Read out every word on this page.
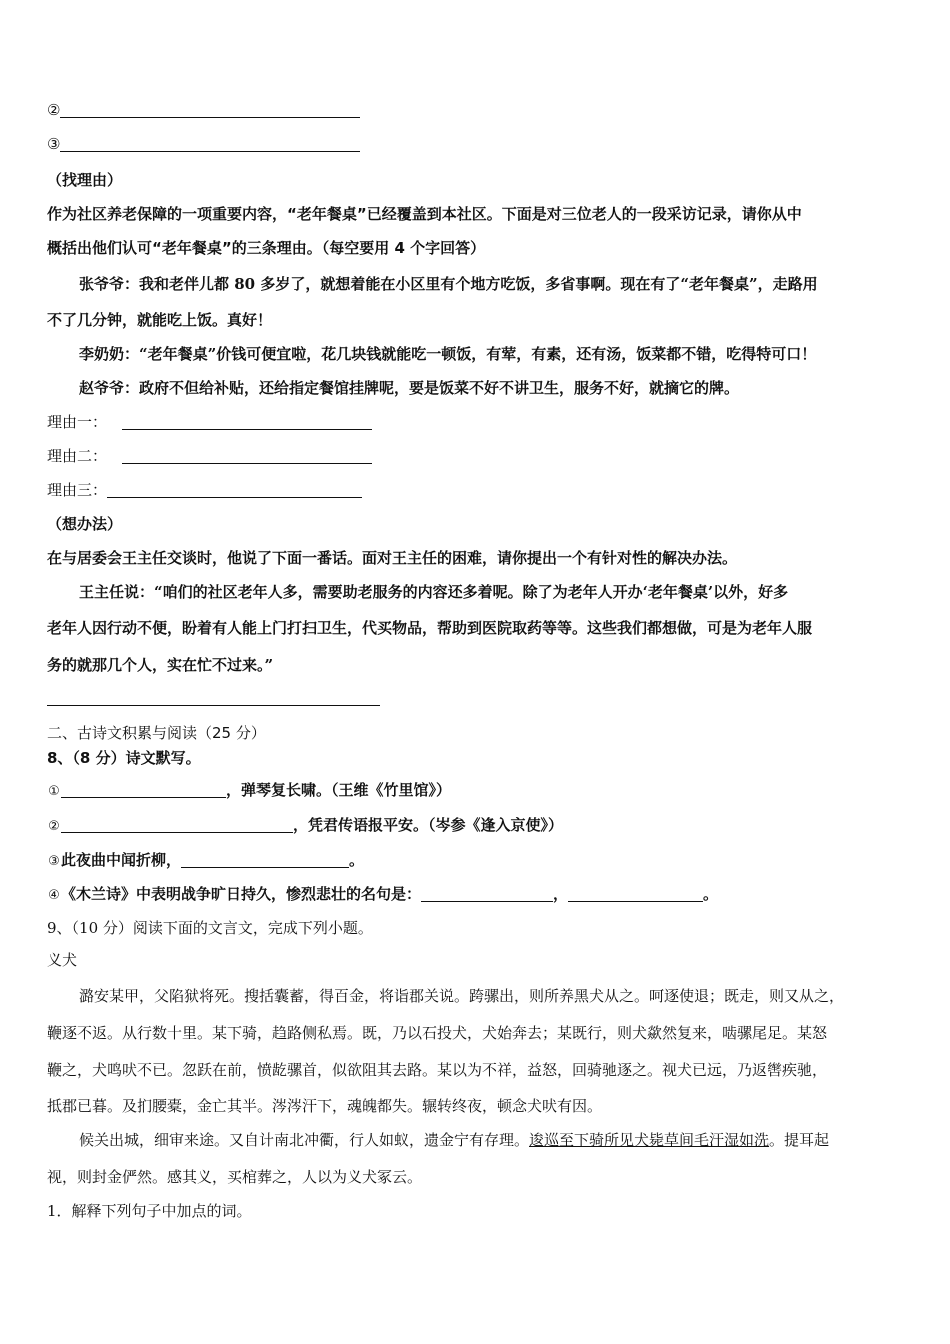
②
③
（找理由）
作为社区养老保障的一项重要内容，“老年餐桌”已经覆盖到本社区。下面是对三位老人的一段采访记录，请你从中
概括出他们认可“老年餐桌”的三条理由。（每空要用 4 个字回答）
张爷爷：我和老伴儿都 80 多岁了，就想着能在小区里有个地方吃饭，多省事啊。现在有了“老年餐桌”，走路用
不了几分钟，就能吃上饭。真好！
李奶奶：“老年餐桌”价钱可便宜啦，花几块钱就能吃一顿饭，有荤，有素，还有汤，饭菜都不错，吃得特可口！
赵爷爷：政府不但给补贴，还给指定餐馆挂牌呢，要是饭菜不好不讲卫生，服务不好，就摘它的牌。
理由一：
理由二：
理由三：
（想办法）
在与居委会王主任交谈时，他说了下面一番话。面对王主任的困难，请你提出一个有针对性的解决办法。
王主任说：“咱们的社区老年人多，需要助老服务的内容还多着呢。除了为老年人开办‘老年餐桌’以外，好多
老年人因行动不便，盼着有人能上门打扫卫生，代买物品，帮助到医院取药等等。这些我们都想做，可是为老年人服
务的就那几个人，实在忙不过来。”
二、古诗文积累与阅读（25 分）
8、（8 分）诗文默写。
①	，弹琴复长啸。（王维《竹里馆》）
②	，凭君传语报平安。（岑参《逢入京使》）
③此夜曲中闻折柳，	。
④《木兰诗》中表明战争旷日持久，惨烈悲壮的名句是：	，	。
9、（10 分）阅读下面的文言文，完成下列小题。
义犬
潞安某甲，父陷狱将死。搜括囊蓄，得百金，将诣郡关说。跨骡出，则所养黑犬从之。呵逐使退；既走，则又从之，
鞭逐不返。从行数十里。某下骑，趋路侧私焉。既，乃以石投犬，犬始奔去；某既行，则犬歘然复来，啮骡尾足。某怒
鞭之，犬鸣吠不已。忽跃在前，愤龁骡首，似欲阻其去路。某以为不祥，益怒，回骑驰逐之。视犬已远，乃返辔疾驰，
抵郡已暮。及扪腰橐，金亡其半。涔涔汗下，魂魄都失。辗转终夜，顿念犬吠有因。
候关出城，细审来途。又自计南北冲衢，行人如蚁，遗金宁有存理。逡巡至下骑所见犬毙草间毛汗湿如洗。提耳起
视，则封金俨然。感其义，买棺葬之，人以为义犬冢云。
1．解释下列句子中加点的词。
